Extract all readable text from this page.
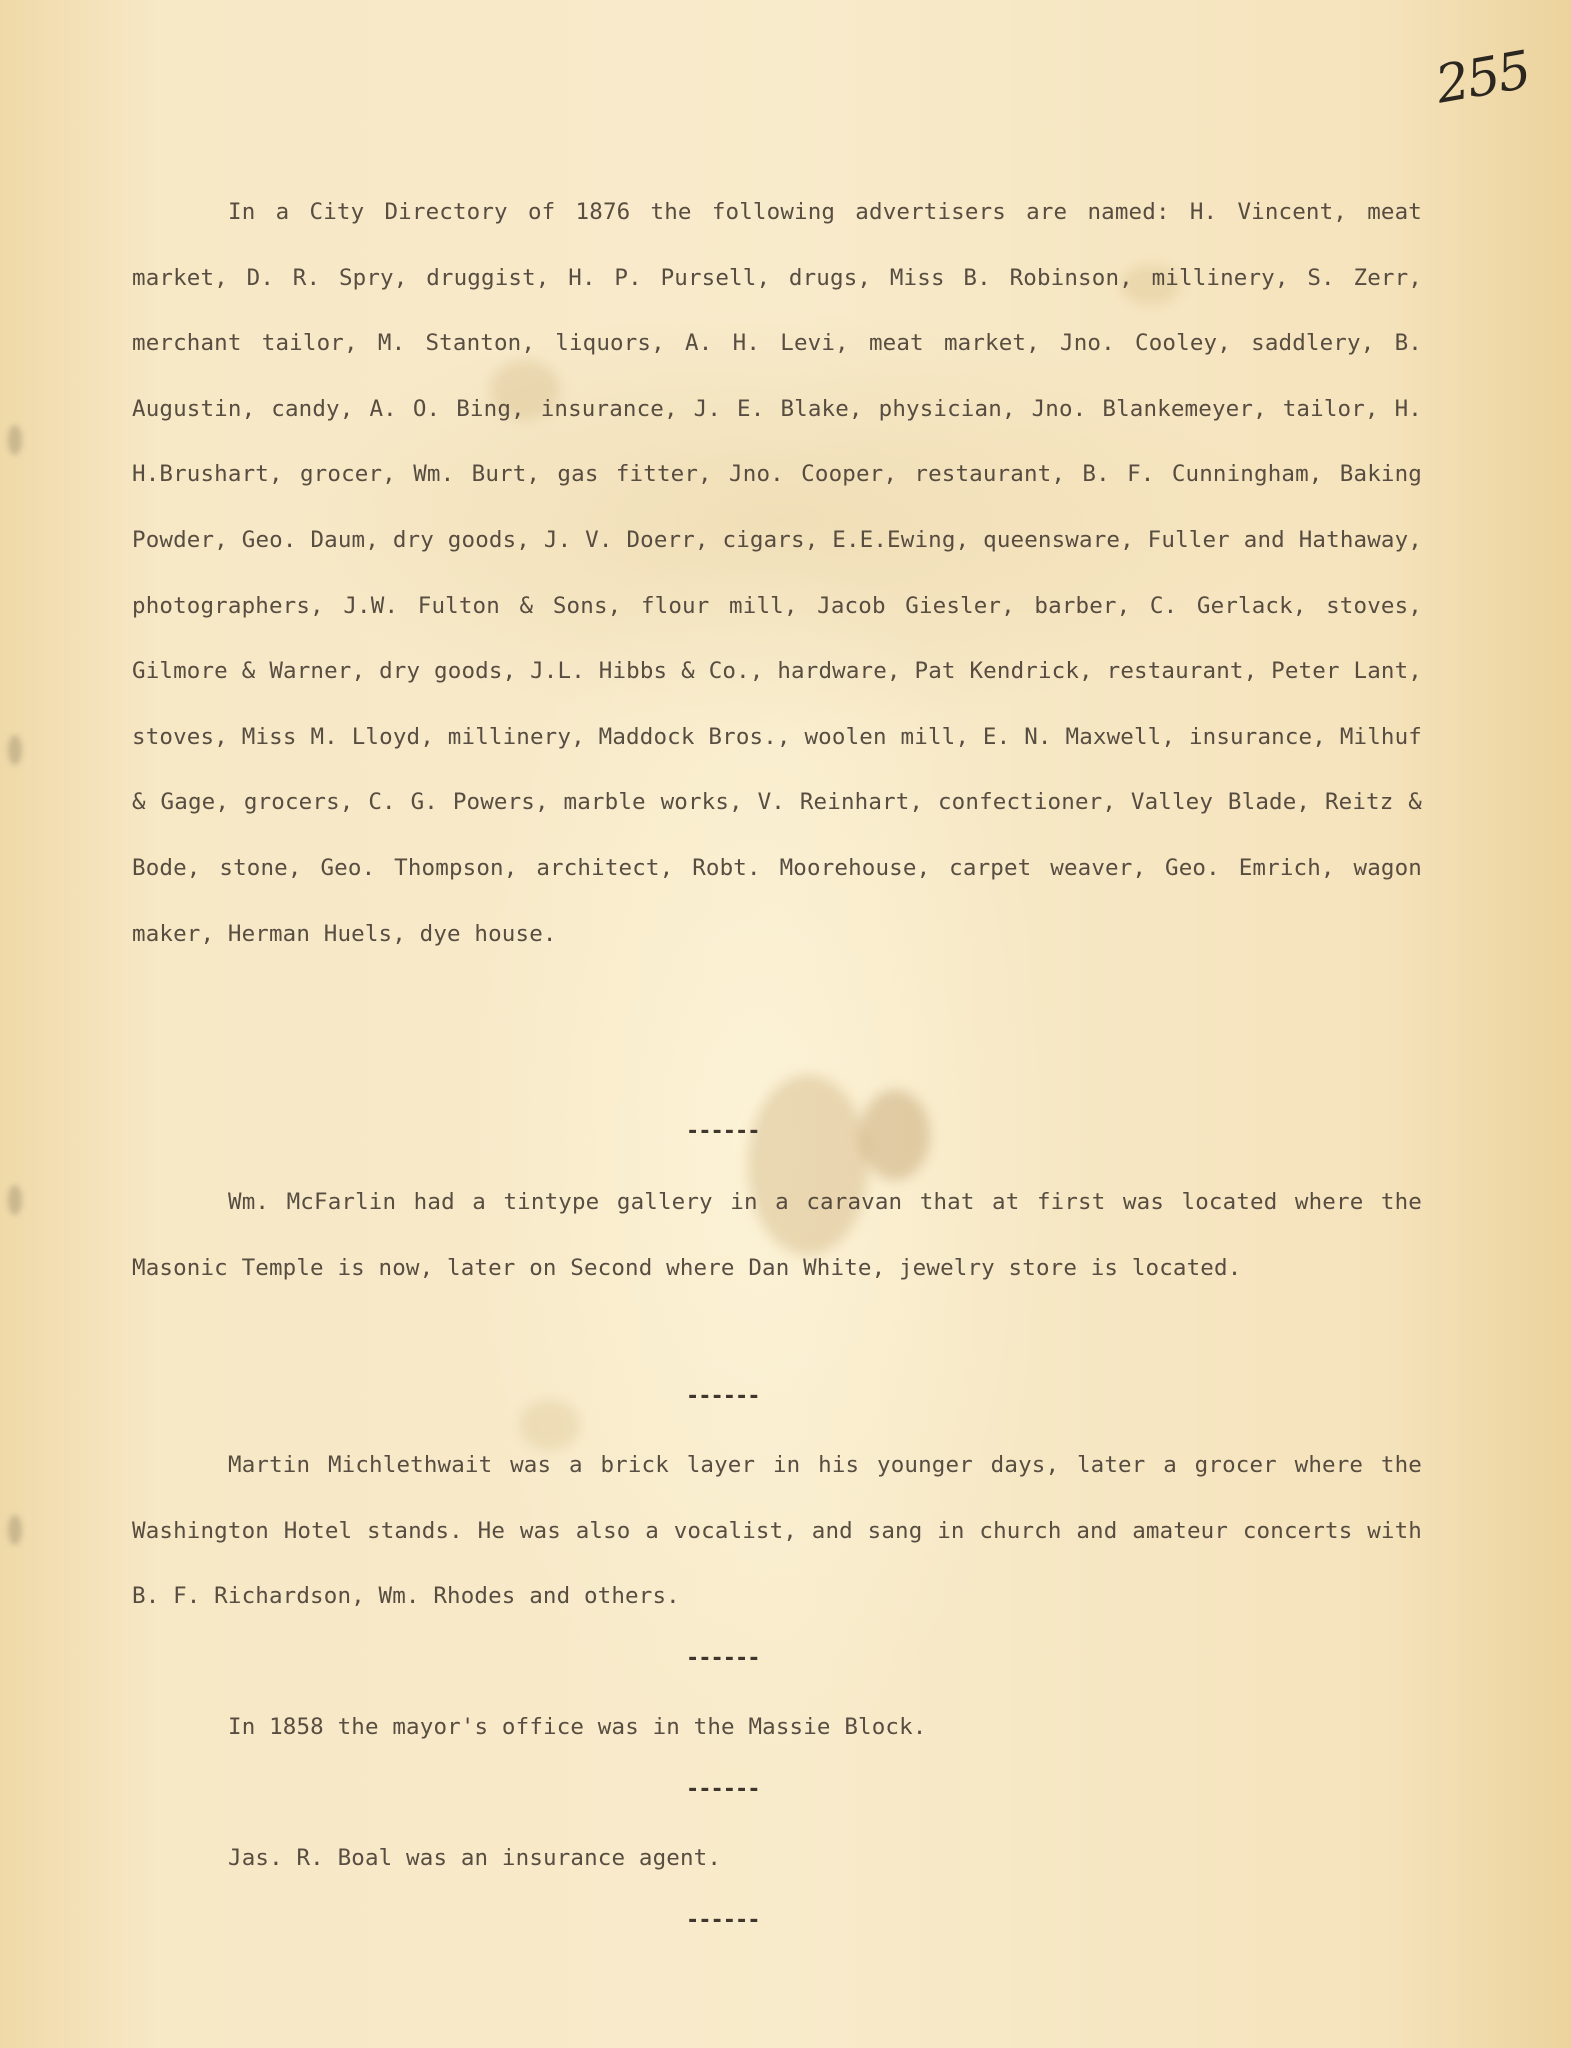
255

In a City Directory of 1876 the following advertisers are named: H. Vincent, meat market, D. R. Spry, druggist, H. P. Pursell, drugs, Miss B. Robinson, millinery, S. Zerr, merchant tailor, M. Stanton, liquors, A. H. Levi, meat market, Jno. Cooley, saddlery, B. Augustin, candy, A. O. Bing, insurance, J. E. Blake, physician, Jno. Blankemeyer, tailor, H. H.Brushart, grocer, Wm. Burt, gas fitter, Jno. Cooper, restaurant, B. F. Cunningham, Baking Powder, Geo. Daum, dry goods, J. V. Doerr, cigars, E.E.Ewing, queensware, Fuller and Hathaway, photographers, J.W. Fulton & Sons, flour mill, Jacob Giesler, barber, C. Gerlack, stoves, Gilmore & Warner, dry goods, J.L. Hibbs & Co., hardware, Pat Kendrick, restaurant, Peter Lant, stoves, Miss M. Lloyd, millinery, Maddock Bros., woolen mill, E. N. Maxwell, insurance, Milhuf & Gage, grocers, C. G. Powers, marble works, V. Reinhart, confectioner, Valley Blade, Reitz & Bode, stone, Geo. Thompson, architect, Robt. Moorehouse, carpet weaver, Geo. Emrich, wagon maker, Herman Huels, dye house.

------

Wm. McFarlin had a tintype gallery in a caravan that at first was located where the Masonic Temple is now, later on Second where Dan White, jewelry store is located.

------

Martin Michlethwait was a brick layer in his younger days, later a grocer where the Washington Hotel stands. He was also a vocalist, and sang in church and amateur concerts with B. F. Richardson, Wm. Rhodes and others.

------

In 1858 the mayor's office was in the Massie Block.

------

Jas. R. Boal was an insurance agent.

------
